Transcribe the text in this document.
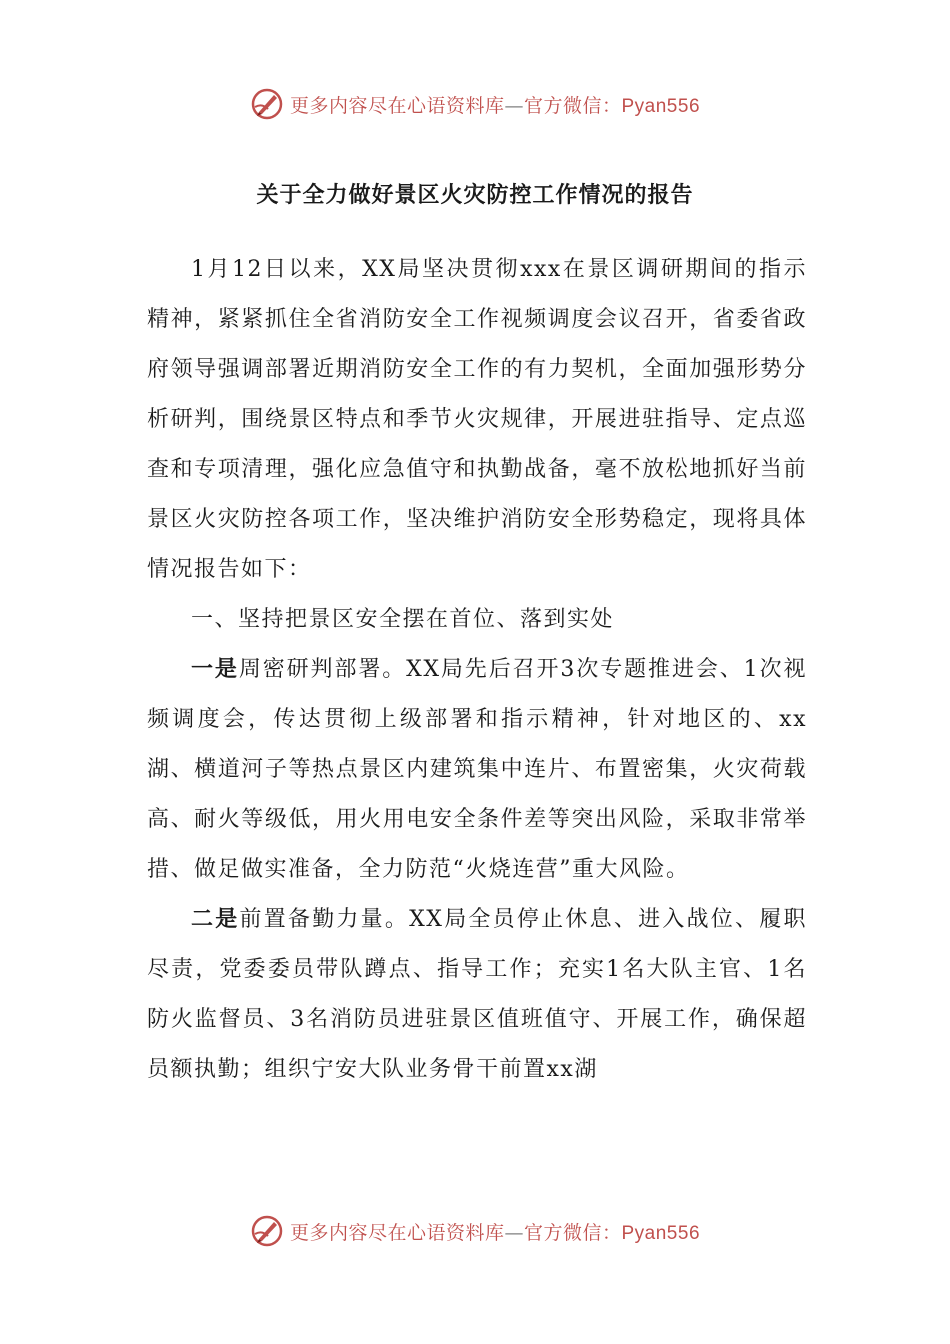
更多内容尽在心语资料库—官方微信：Pyan556
关于全力做好景区火灾防控工作情况的报告

1月12日以来，XX局坚决贯彻xxx在景区调研期间的指示精神，紧紧抓住全省消防安全工作视频调度会议召开，省委省政府领导强调部署近期消防安全工作的有力契机，全面加强形势分析研判，围绕景区特点和季节火灾规律，开展进驻指导、定点巡查和专项清理，强化应急值守和执勤战备，毫不放松地抓好当前景区火灾防控各项工作，坚决维护消防安全形势稳定，现将具体情况报告如下：

一、坚持把景区安全摆在首位、落到实处

一是周密研判部署。XX局先后召开3次专题推进会、1次视频调度会，传达贯彻上级部署和指示精神，针对地区的、xx湖、横道河子等热点景区内建筑集中连片、布置密集，火灾荷载高、耐火等级低，用火用电安全条件差等突出风险，采取非常举措、做足做实准备，全力防范“火烧连营”重大风险。

二是前置备勤力量。XX局全员停止休息、进入战位、履职尽责，党委委员带队蹲点、指导工作；充实1名大队主官、1名防火监督员、3名消防员进驻景区值班值守、开展工作，确保超员额执勤；组织宁安大队业务骨干前置xx湖

更多内容尽在心语资料库—官方微信：Pyan556
